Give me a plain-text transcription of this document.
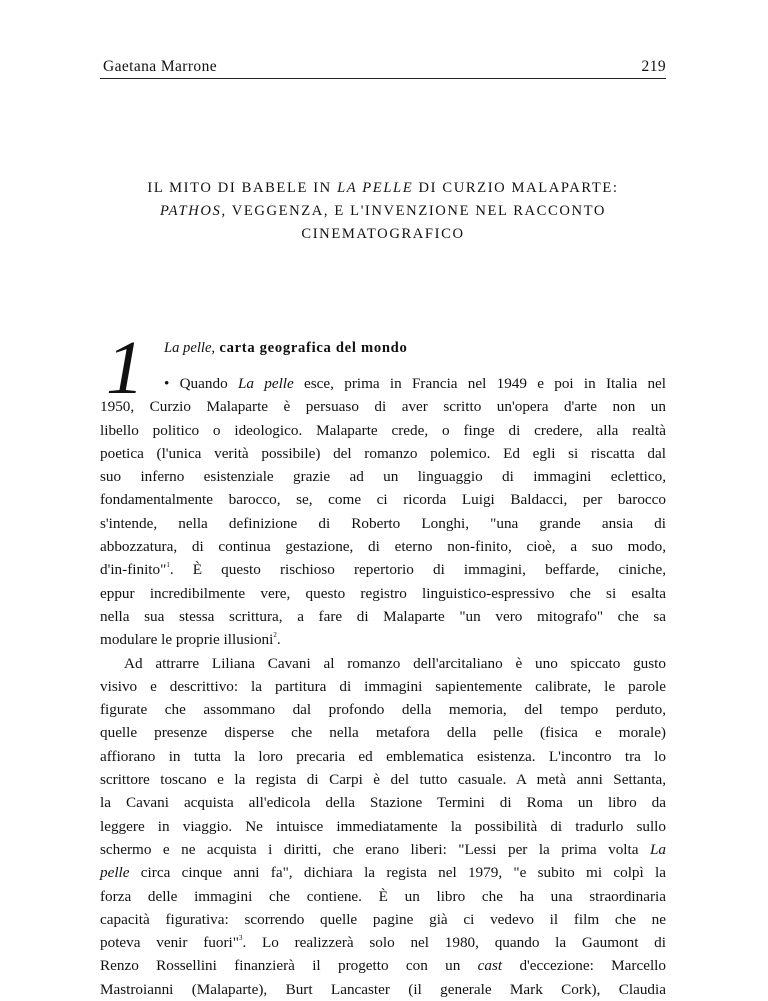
Gaetana Marrone	219
IL MITO DI BABELE IN LA PELLE DI CURZIO MALAPARTE:
PATHOS, VEGGENZA, E L'INVENZIONE NEL RACCONTO
CINEMATOGRAFICO
1 La pelle, carta geografica del mondo
• Quando La pelle esce, prima in Francia nel 1949 e poi in Italia nel
1950, Curzio Malaparte è persuaso di aver scritto un'opera d'arte non un
libello politico o ideologico. Malaparte crede, o finge di credere, alla realtà
poetica (l'unica verità possibile) del romanzo polemico. Ed egli si riscatta dal
suo inferno esistenziale grazie ad un linguaggio di immagini eclettico,
fondamentalmente barocco, se, come ci ricorda Luigi Baldacci, per barocco
s'intende, nella definizione di Roberto Longhi, "una grande ansia di
abbozzatura, di continua gestazione, di eterno non-finito, cioè, a suo modo,
d'in-finito"$^1$. È questo rischioso repertorio di immagini, beffarde, ciniche,
eppur incredibilmente vere, questo registro linguistico-espressivo che si esalta
nella sua stessa scrittura, a fare di Malaparte "un vero mitografo" che sa
modulare le proprie illusioni$^2$.
Ad attrarre Liliana Cavani al romanzo dell'arcitaliano è uno spiccato gusto
visivo e descrittivo: la partitura di immagini sapientemente calibrate, le parole
figurate che assommano dal profondo della memoria, del tempo perduto,
quelle presenze disperse che nella metafora della pelle (fisica e morale)
affiorano in tutta la loro precaria ed emblematica esistenza. L'incontro tra lo
scrittore toscano e la regista di Carpi è del tutto casuale. A metà anni Settanta,
la Cavani acquista all'edicola della Stazione Termini di Roma un libro da
leggere in viaggio. Ne intuisce immediatamente la possibilità di tradurlo sullo
schermo e ne acquista i diritti, che erano liberi: "Lessi per la prima volta La
pelle circa cinque anni fa", dichiara la regista nel 1979, "e subito mi colpì la
forza delle immagini che contiene. È un libro che ha una straordinaria
capacità figurativa: scorrendo quelle pagine già ci vedevo il film che ne
poteva venir fuori"$^3$. Lo realizzerà solo nel 1980, quando la Gaumont di
Renzo Rossellini finanzierà il progetto con un cast d'eccezione: Marcello
Mastroianni (Malaparte), Burt Lancaster (il generale Mark Cork), Claudia
